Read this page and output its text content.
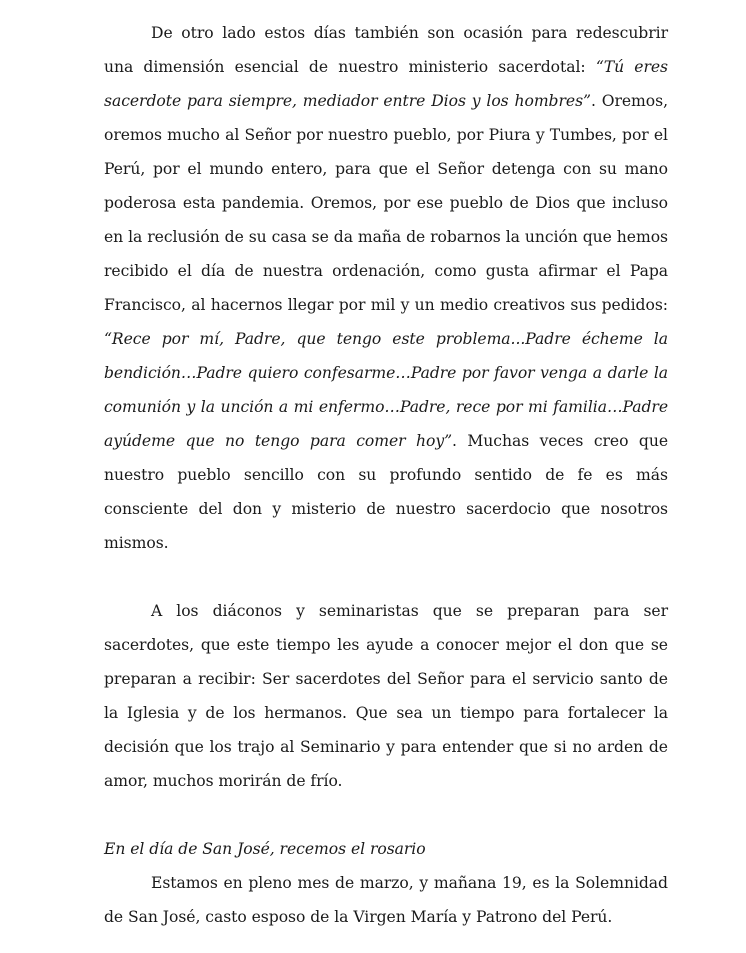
De otro lado estos días también son ocasión para redescubrir una dimensión esencial de nuestro ministerio sacerdotal: “Tú eres sacerdote para siempre, mediador entre Dios y los hombres”. Oremos, oremos mucho al Señor por nuestro pueblo, por Piura y Tumbes, por el Perú, por el mundo entero, para que el Señor detenga con su mano poderosa esta pandemia. Oremos, por ese pueblo de Dios que incluso en la reclusión de su casa se da maña de robarnos la unción que hemos recibido el día de nuestra ordenación, como gusta afirmar el Papa Francisco, al hacernos llegar por mil y un medio creativos sus pedidos: “Rece por mí, Padre, que tengo este problema...Padre écheme la bendición…Padre quiero confesarme…Padre por favor venga a darle la comunión y la unción a mi enfermo…Padre, rece por mi familia…Padre ayúdeme que no tengo para comer hoy”. Muchas veces creo que nuestro pueblo sencillo con su profundo sentido de fe es más consciente del don y misterio de nuestro sacerdocio que nosotros mismos.

A los diáconos y seminaristas que se preparan para ser sacerdotes, que este tiempo les ayude a conocer mejor el don que se preparan a recibir: Ser sacerdotes del Señor para el servicio santo de la Iglesia y de los hermanos. Que sea un tiempo para fortalecer la decisión que los trajo al Seminario y para entender que si no arden de amor, muchos morirán de frío.

En el día de San José, recemos el rosario

Estamos en pleno mes de marzo, y mañana 19, es la Solemnidad de San José, casto esposo de la Virgen María y Patrono del Perú.
